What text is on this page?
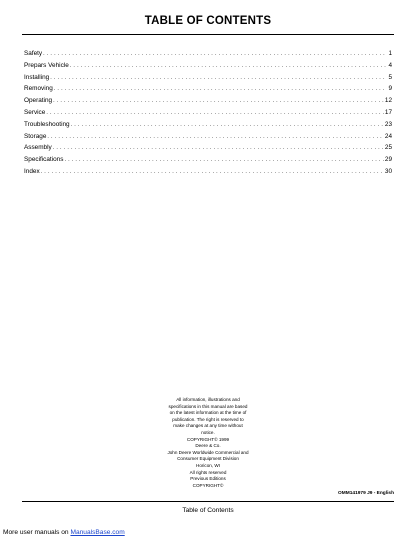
TABLE OF CONTENTS
Safety . . .	1
Prepars Vehicle . . .	4
Installing . . .	5
Removing . . .	9
Operating . . .	12
Service . . .	17
Troubleshooting . . .	23
Storage . . .	24
Assembly . . .	25
Specifications . . .	29
Index . . .	30
All information, illustrations and
specifications in this manual are based
on the latest information at the time of
publication. The right is reserved to
make changes at any time without
notice.
COPYRIGHT© 1999
Deere & Co.
John Deere Worldwide Commercial and
Consumer Equipment Division
Horicon, WI
All rights reserved
Previous Editions
COPYRIGHT©
OMM141979 J9 - English
Table of Contents
More user manuals on ManualsBase.com
